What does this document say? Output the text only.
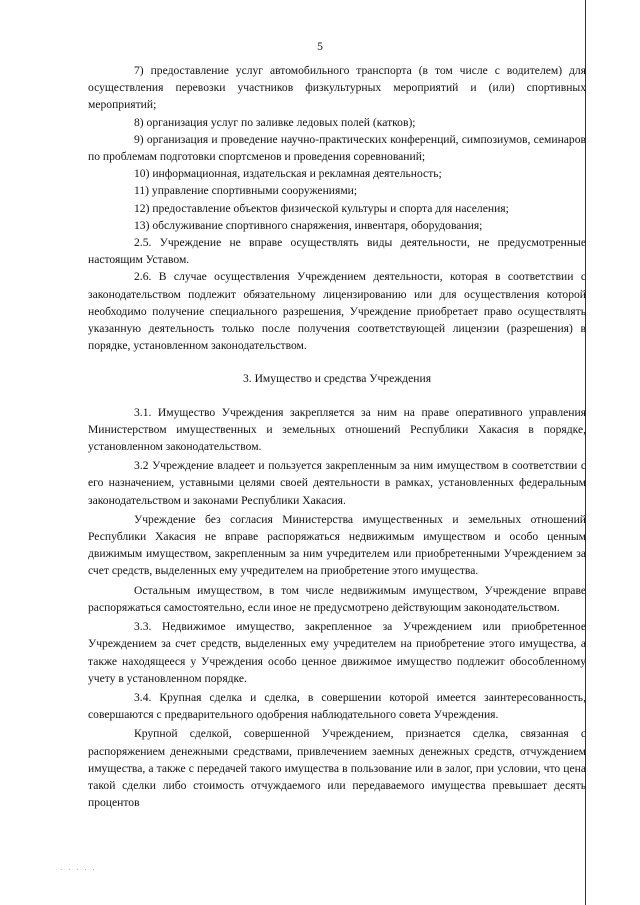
5

7) предоставление услуг автомобильного транспорта (в том числе с водителем) для осуществления перевозки участников физкультурных мероприятий и (или) спортивных мероприятий;

8) организация услуг по заливке ледовых полей (катков);

9) организация и проведение научно-практических конференций, симпозиумов, семинаров по проблемам подготовки спортсменов и проведения соревнований;

10) информационная, издательская и рекламная деятельность;

11) управление спортивными сооружениями;

12) предоставление объектов физической культуры и спорта для населения;

13) обслуживание спортивного снаряжения, инвентаря, оборудования;

2.5. Учреждение не вправе осуществлять виды деятельности, не предусмотренные настоящим Уставом.

2.6. В случае осуществления Учреждением деятельности, которая в соответствии с законодательством подлежит обязательному лицензированию или для осуществления которой необходимо получение специального разрешения, Учреждение приобретает право осуществлять указанную деятельность только после получения соответствующей лицензии (разрешения) в порядке, установленном законодательством.

3. Имущество и средства Учреждения

3.1. Имущество Учреждения закрепляется за ним на праве оперативного управления Министерством имущественных и земельных отношений Республики Хакасия в порядке, установленном законодательством.

3.2 Учреждение владеет и пользуется закрепленным за ним имуществом в соответствии с его назначением, уставными целями своей деятельности в рамках, установленных федеральным законодательством и законами Республики Хакасия.

Учреждение без согласия Министерства имущественных и земельных отношений Республики Хакасия не вправе распоряжаться недвижимым имуществом и особо ценным движимым имуществом, закрепленным за ним учредителем или приобретенными Учреждением за счет средств, выделенных ему учредителем на приобретение этого имущества.

Остальным имуществом, в том числе недвижимым имуществом, Учреждение вправе распоряжаться самостоятельно, если иное не предусмотрено действующим законодательством.

3.3. Недвижимое имущество, закрепленное за Учреждением или приобретенное Учреждением за счет средств, выделенных ему учредителем на приобретение этого имущества, а также находящееся у Учреждения особо ценное движимое имущество подлежит обособленному учету в установленном порядке.

3.4. Крупная сделка и сделка, в совершении которой имеется заинтересованность, совершаются с предварительного одобрения наблюдательного совета Учреждения.

Крупной сделкой, совершенной Учреждением, признается сделка, связанная с распоряжением денежными средствами, привлечением заемных денежных средств, отчуждением имущества, а также с передачей такого имущества в пользование или в залог, при условии, что цена такой сделки либо стоимость отчуждаемого или передаваемого имущества превышает десять процентов

· · · · ·
